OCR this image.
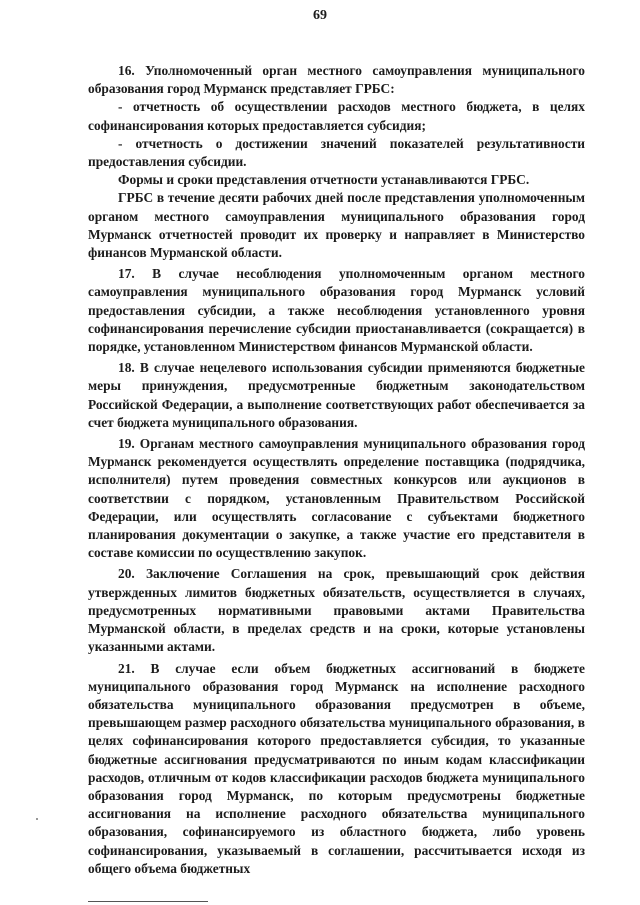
69

16. Уполномоченный орган местного самоуправления муниципального образования город Мурманск представляет ГРБС:

- отчетность об осуществлении расходов местного бюджета, в целях софинансирования которых предоставляется субсидия;

- отчетность о достижении значений показателей результативности предоставления субсидии.

Формы и сроки представления отчетности устанавливаются ГРБС.

ГРБС в течение десяти рабочих дней после представления уполномоченным органом местного самоуправления муниципального образования город Мурманск отчетностей проводит их проверку и направляет в Министерство финансов Мурманской области.

17. В случае несоблюдения уполномоченным органом местного самоуправления муниципального образования город Мурманск условий предоставления субсидии, а также несоблюдения установленного уровня софинансирования перечисление субсидии приостанавливается (сокращается) в порядке, установленном Министерством финансов Мурманской области.

18. В случае нецелевого использования субсидии применяются бюджетные меры принуждения, предусмотренные бюджетным законодательством Российской Федерации, а выполнение соответствующих работ обеспечивается за счет бюджета муниципального образования.

19. Органам местного самоуправления муниципального образования город Мурманск рекомендуется осуществлять определение поставщика (подрядчика, исполнителя) путем проведения совместных конкурсов или аукционов в соответствии с порядком, установленным Правительством Российской Федерации, или осуществлять согласование с субъектами бюджетного планирования документации о закупке, а также участие его представителя в составе комиссии по осуществлению закупок.

20. Заключение Соглашения на срок, превышающий срок действия утвержденных лимитов бюджетных обязательств, осуществляется в случаях, предусмотренных нормативными правовыми актами Правительства Мурманской области, в пределах средств и на сроки, которые установлены указанными актами.

21. В случае если объем бюджетных ассигнований в бюджете муниципального образования город Мурманск на исполнение расходного обязательства муниципального образования предусмотрен в объеме, превышающем размер расходного обязательства муниципального образования, в целях софинансирования которого предоставляется субсидия, то указанные бюджетные ассигнования предусматриваются по иным кодам классификации расходов, отличным от кодов классификации расходов бюджета муниципального образования город Мурманск, по которым предусмотрены бюджетные ассигнования на исполнение расходного обязательства муниципального образования, софинансируемого из областного бюджета, либо уровень софинансирования, указываемый в соглашении, рассчитывается исходя из общего объема бюджетных
